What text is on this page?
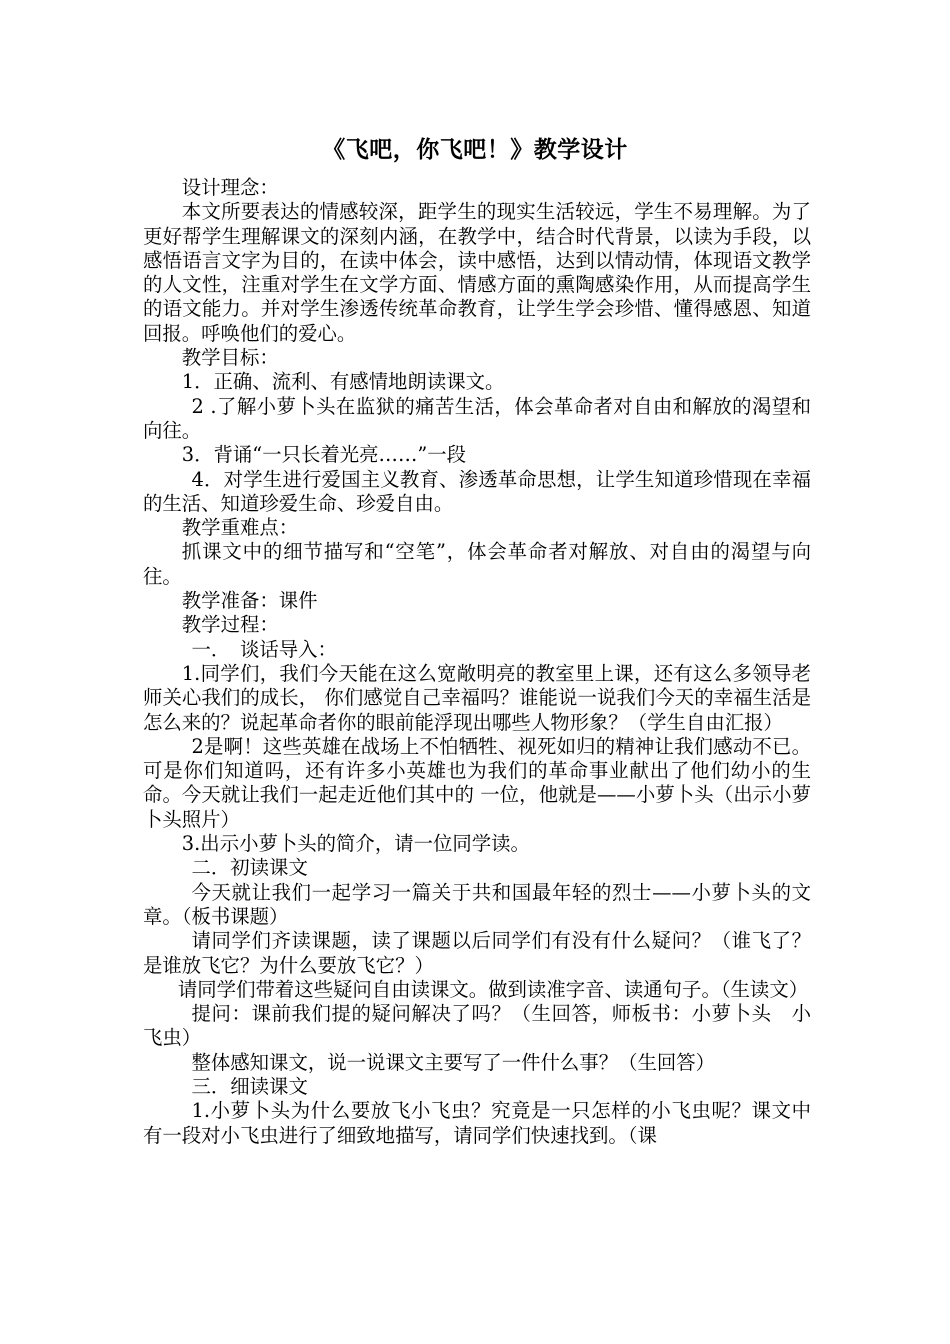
《飞吧，你飞吧！》教学设计

设计理念：

本文所要表达的情感较深，距学生的现实生活较远，学生不易理解。为了更好帮学生理解课文的深刻内涵，在教学中，结合时代背景，以读为手段，以感悟语言文字为目的，在读中体会，读中感悟，达到以情动情，体现语文教学的人文性，注重对学生在文学方面、情感方面的熏陶感染作用，从而提高学生的语文能力。并对学生渗透传统革命教育，让学生学会珍惜、懂得感恩、知道回报。呼唤他们的爱心。

教学目标：

1．正确、流利、有感情地朗读课文。

2 .了解小萝卜头在监狱的痛苦生活，体会革命者对自由和解放的渴望和向往。

3．背诵“一只长着光亮……”一段

4．对学生进行爱国主义教育、渗透革命思想，让学生知道珍惜现在幸福的生活、知道珍爱生命、珍爱自由。

教学重难点：

抓课文中的细节描写和“空笔”，体会革命者对解放、对自由的渴望与向往。

教学准备：课件

教学过程：

一．　谈话导入：

1.同学们，我们今天能在这么宽敞明亮的教室里上课，还有这么多领导老师关心我们的成长， 你们感觉自己幸福吗？谁能说一说我们今天的幸福生活是怎么来的？说起革命者你的眼前能浮现出哪些人物形象？（学生自由汇报）

2是啊！这些英雄在战场上不怕牺牲、视死如归的精神让我们感动不已。可是你们知道吗，还有许多小英雄也为我们的革命事业献出了他们幼小的生命。今天就让我们一起走近他们其中的 一位，他就是——小萝卜头（出示小萝卜头照片）

3.出示小萝卜头的简介，请一位同学读。

二．初读课文

今天就让我们一起学习一篇关于共和国最年轻的烈士——小萝卜头的文章。（板书课题）

请同学们齐读课题，读了课题以后同学们有没有什么疑问？（谁飞了？是谁放飞它？为什么要放飞它？）

请同学们带着这些疑问自由读课文。做到读准字音、读通句子。（生读文）

提问：课前我们提的疑问解决了吗？（生回答，师板书：小萝卜头　小飞虫）

整体感知课文，说一说课文主要写了一件什么事？（生回答）

三．细读课文

1.小萝卜头为什么要放飞小飞虫？究竟是一只怎样的小飞虫呢？课文中有一段对小飞虫进行了细致地描写，请同学们快速找到。（课
